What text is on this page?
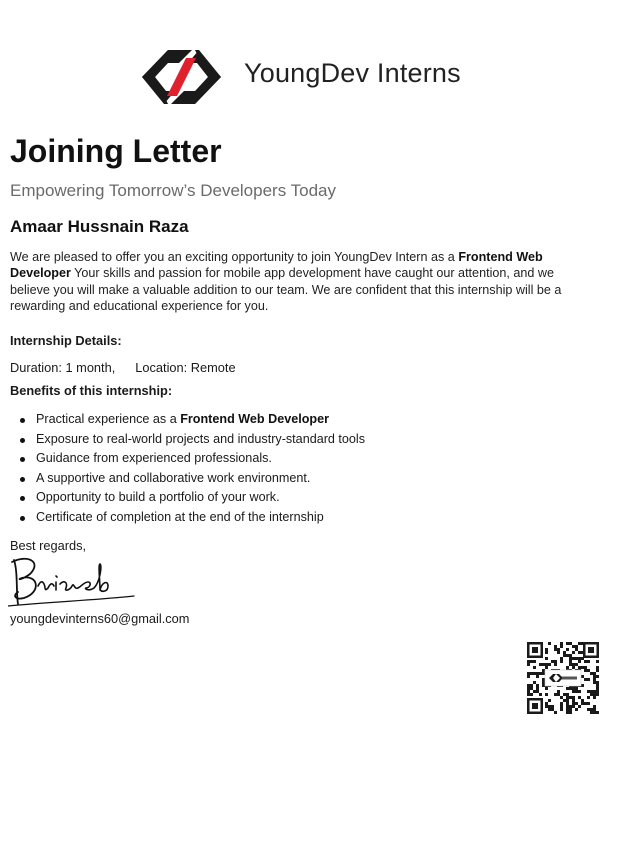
YoungDev Interns
Joining Letter
Empowering Tomorrow’s Developers Today
Amaar Hussnain Raza

We are pleased to offer you an exciting opportunity to join YoungDev Intern as a Frontend Web Developer Your skills and passion for mobile app development have caught our attention, and we believe you will make a valuable addition to our team. We are confident that this internship will be a rewarding and educational experience for you.

Internship Details:
Duration: 1 month, Location: Remote
Benefits of this internship:
Practical experience as a Frontend Web Developer
Exposure to real-world projects and industry-standard tools
Guidance from experienced professionals.
A supportive and collaborative work environment.
Opportunity to build a portfolio of your work.
Certificate of completion at the end of the internship
Best regards,
youngdevinterns60@gmail.com
